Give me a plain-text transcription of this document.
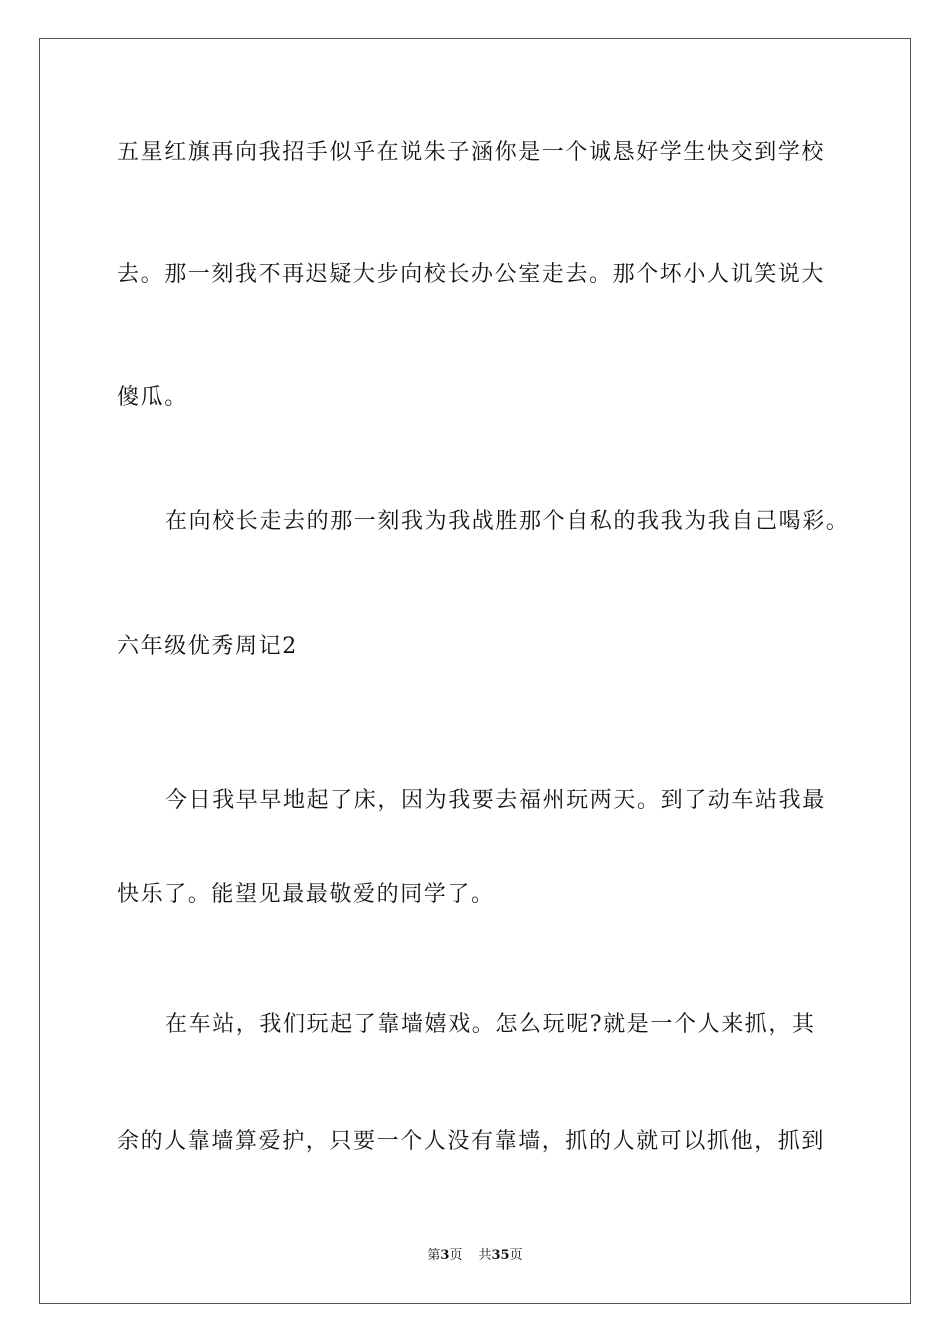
五星红旗再向我招手似乎在说朱子涵你是一个诚恳好学生快交到学校
去。那一刻我不再迟疑大步向校长办公室走去。那个坏小人讥笑说大
傻瓜。
在向校长走去的那一刻我为我战胜那个自私的我我为我自己喝彩。
六年级优秀周记2
今日我早早地起了床，因为我要去福州玩两天。到了动车站我最
快乐了。能望见最最敬爱的同学了。
在车站，我们玩起了靠墙嬉戏。怎么玩呢?就是一个人来抓，其
余的人靠墙算爱护，只要一个人没有靠墙，抓的人就可以抓他，抓到
第3页 共35页
